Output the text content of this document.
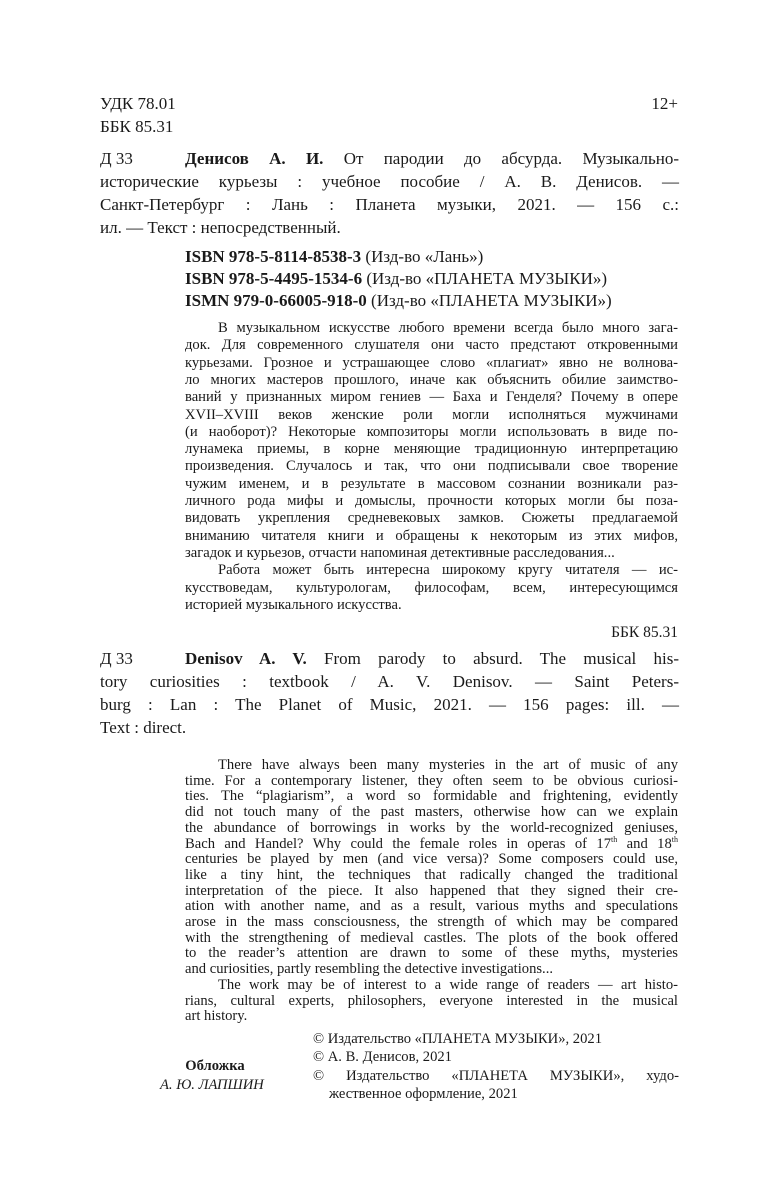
УДК 78.01
ББК 85.31
12+
Д 33	Денисов А. И. От пародии до абсурда. Музыкально-
исторические курьезы : учебное пособие / А. В. Денисов. —
Санкт-Петербург : Лань : Планета музыки, 2021. — 156 с.:
ил. — Текст : непосредственный.
ISBN 978-5-8114-8538-3 (Изд-во «Лань»)
ISBN 978-5-4495-1534-6 (Изд-во «ПЛАНЕТА МУЗЫКИ»)
ISMN 979-0-66005-918-0 (Изд-во «ПЛАНЕТА МУЗЫКИ»)
В музыкальном искусстве любого времени всегда было много зага-
док. Для современного слушателя они часто предстают откровенными
курьезами. Грозное и устрашающее слово «плагиат» явно не волнова-
ло многих мастеров прошлого, иначе как объяснить обилие заимство-
ваний у признанных миром гениев — Баха и Генделя? Почему в опере
XVII–XVIII веков женские роли могли исполняться мужчинами
(и наоборот)? Некоторые композиторы могли использовать в виде по-
лунамека приемы, в корне меняющие традиционную интерпретацию
произведения. Случалось и так, что они подписывали свое творение
чужим именем, и в результате в массовом сознании возникали раз-
личного рода мифы и домыслы, прочности которых могли бы поза-
видовать укрепления средневековых замков. Сюжеты предлагаемой
вниманию читателя книги и обращены к некоторым из этих мифов,
загадок и курьезов, отчасти напоминая детективные расследования...
Работа может быть интересна широкому кругу читателя — ис-
кусствоведам, культурологам, философам, всем, интересующимся
историей музыкального искусства.
Д 33	Denisov A. V. From parody to absurd. The musical his-
tory curiosities : textbook / A. V. Denisov. — Saint Peters-
burg : Lan : The Planet of Music, 2021. — 156 pages: ill. —
Text : direct.
There have always been many mysteries in the art of music of any
time. For a contemporary listener, they often seem to be obvious curiosi-
ties. The “plagiarism”, a word so formidable and frightening, evidently
did not touch many of the past masters, otherwise how can we explain
the abundance of borrowings in works by the world-recognized geniuses,
Bach and Handel? Why could the female roles in operas of 17th and 18th
centuries be played by men (and vice versa)? Some composers could use,
like a tiny hint, the techniques that radically changed the traditional
interpretation of the piece. It also happened that they signed their cre-
ation with another name, and as a result, various myths and speculations
arose in the mass consciousness, the strength of which may be compared
with the strengthening of medieval castles. The plots of the book offered
to the reader’s attention are drawn to some of these myths, mysteries
and curiosities, partly resembling the detective investigations...
The work may be of interest to a wide range of readers — art histo-
rians, cultural experts, philosophers, everyone interested in the musical
art history.
ББК 85.31
Обложка
А. Ю. ЛАПШИН
© Издательство «ПЛАНЕТА МУЗЫКИ», 2021
© А. В. Денисов, 2021
© Издательство «ПЛАНЕТА МУЗЫКИ», худо-
жественное оформление, 2021
